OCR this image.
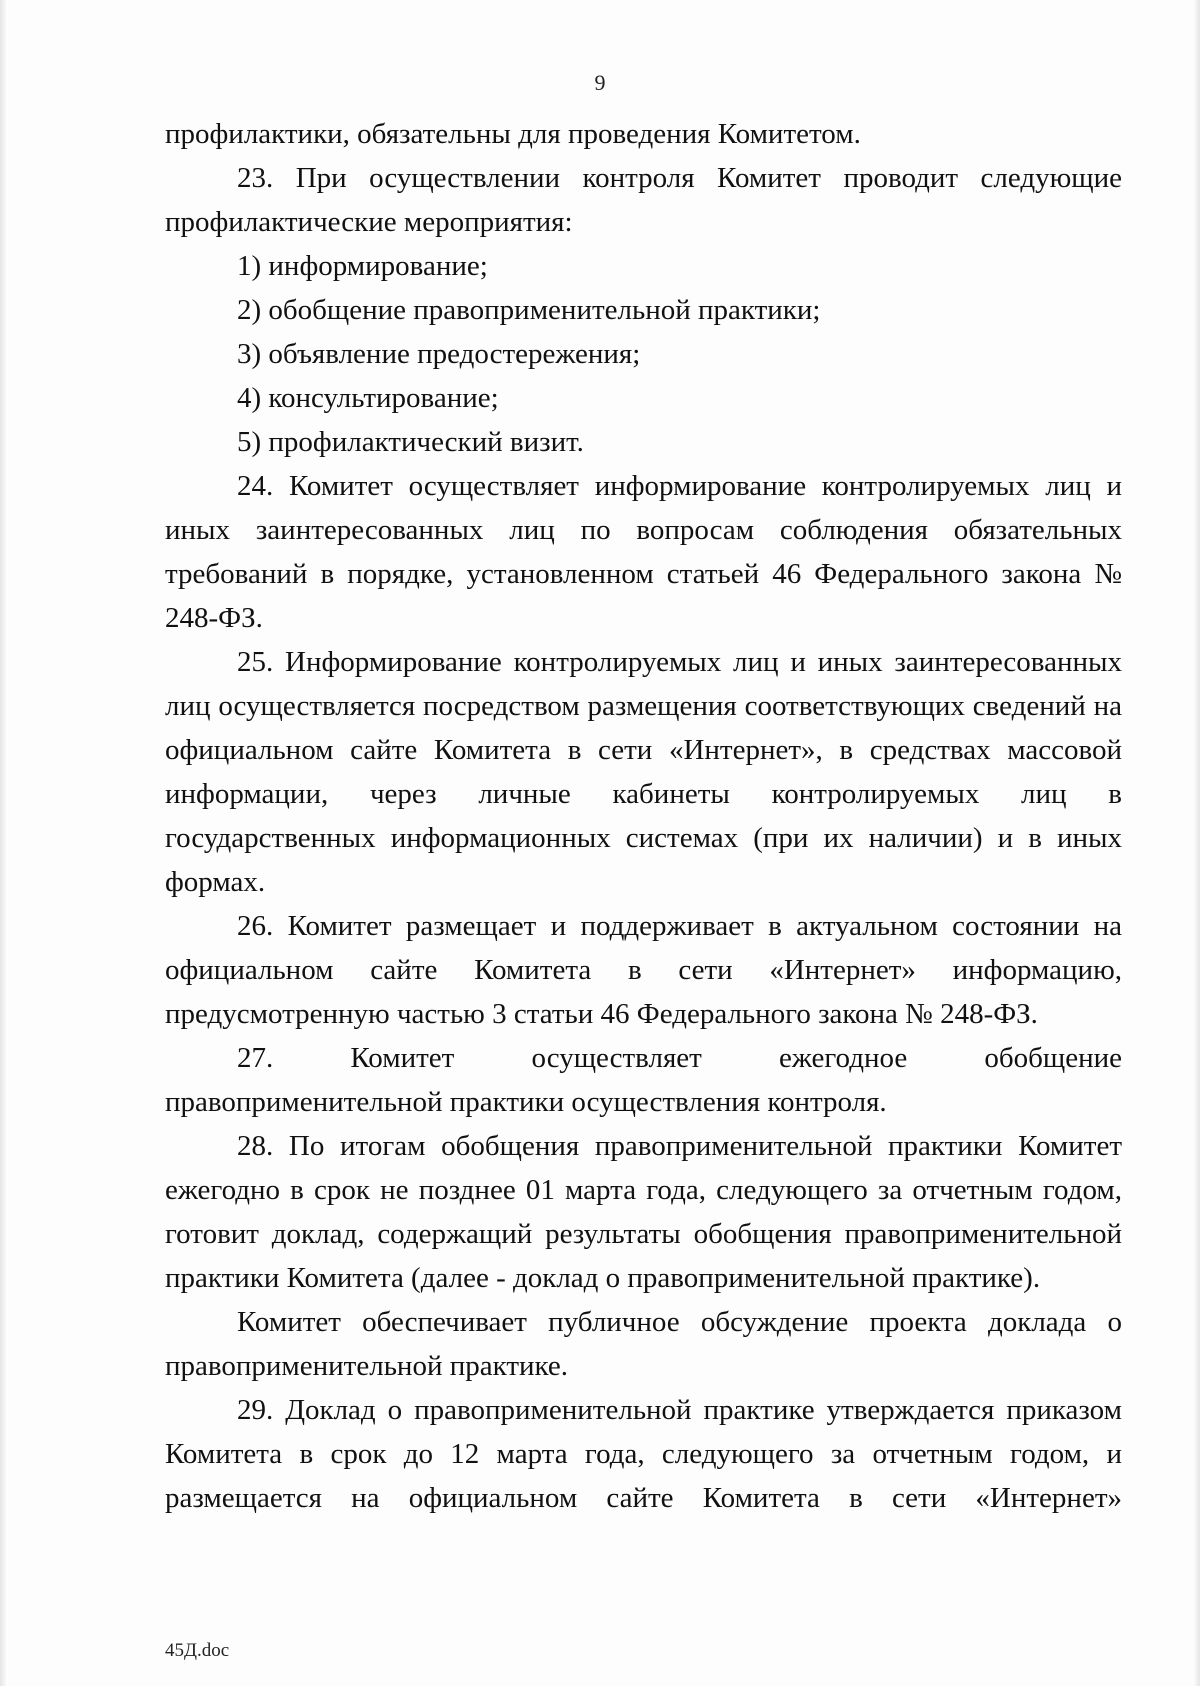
9

профилактики, обязательны для проведения Комитетом.

23. При осуществлении контроля Комитет проводит следующие профилактические мероприятия:

1) информирование;

2) обобщение правоприменительной практики;

3) объявление предостережения;

4) консультирование;

5) профилактический визит.

24. Комитет осуществляет информирование контролируемых лиц и иных заинтересованных лиц по вопросам соблюдения обязательных требований в порядке, установленном статьей 46 Федерального закона № 248-ФЗ.

25. Информирование контролируемых лиц и иных заинтересованных лиц осуществляется посредством размещения соответствующих сведений на официальном сайте Комитета в сети «Интернет», в средствах массовой информации, через личные кабинеты контролируемых лиц в государственных информационных системах (при их наличии) и в иных формах.

26. Комитет размещает и поддерживает в актуальном состоянии на официальном сайте Комитета в сети «Интернет» информацию, предусмотренную частью 3 статьи 46 Федерального закона № 248-ФЗ.

27. Комитет осуществляет ежегодное обобщение правоприменительной практики осуществления контроля.

28. По итогам обобщения правоприменительной практики Комитет ежегодно в срок не позднее 01 марта года, следующего за отчетным годом, готовит доклад, содержащий результаты обобщения правоприменительной практики Комитета (далее - доклад о правоприменительной практике).

Комитет обеспечивает публичное обсуждение проекта доклада о правоприменительной практике.

29. Доклад о правоприменительной практике утверждается приказом Комитета в срок до 12 марта года, следующего за отчетным годом, и размещается на официальном сайте Комитета в сети «Интернет»

45Д.doc
